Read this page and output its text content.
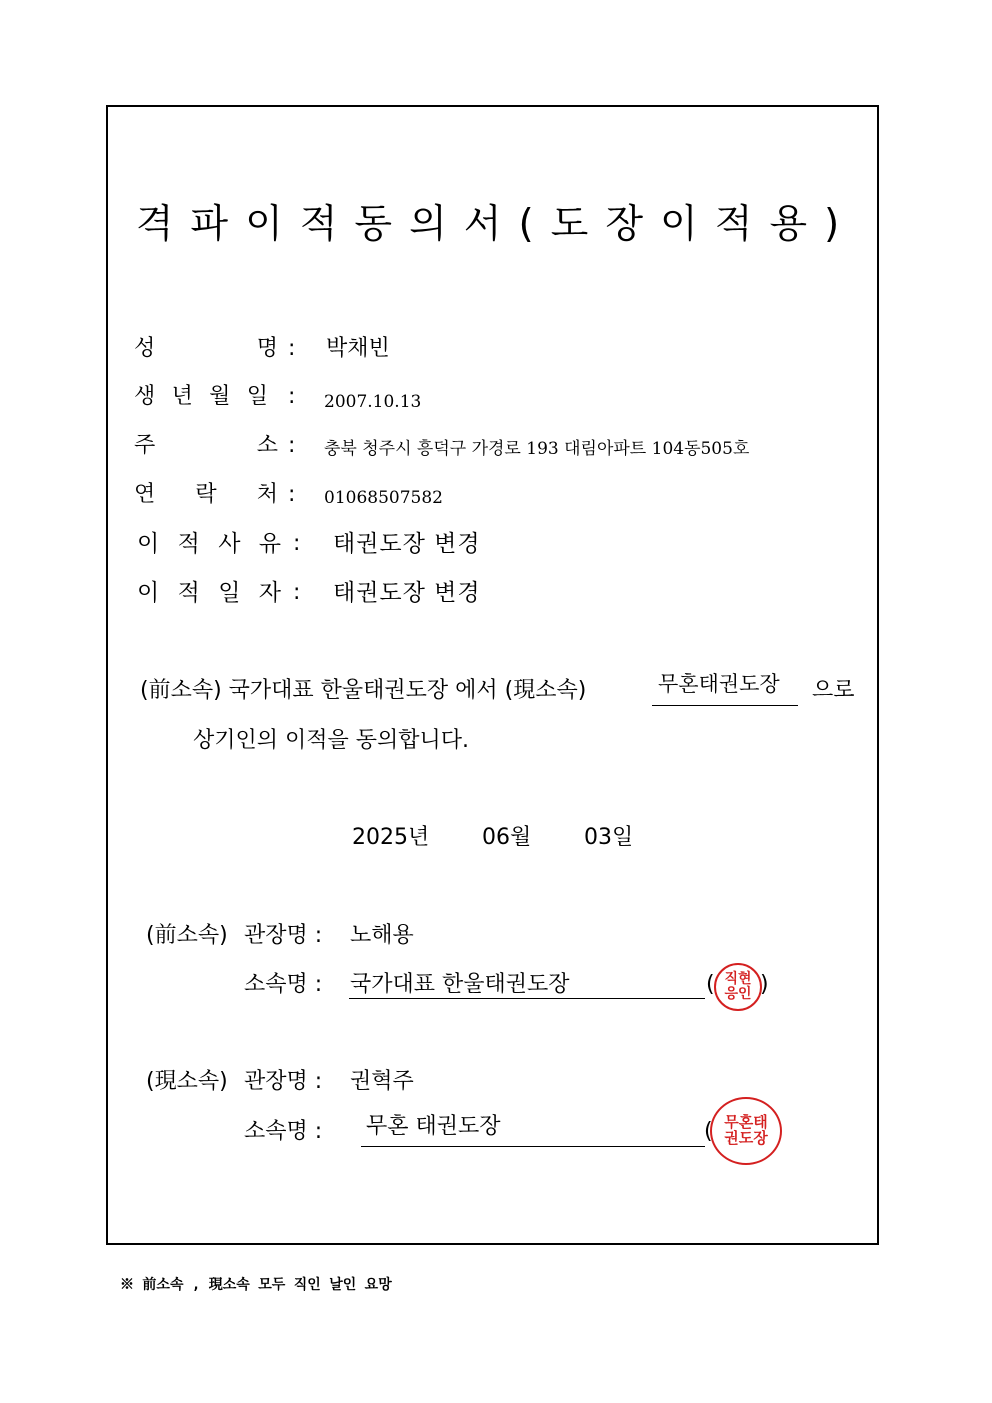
격파이적동의서(도장이적용)
성	명 : 박채빈
생 년 월 일 : 2007.10.13
주	소 : 충북 청주시 흥덕구 가경로 193 대림아파트 104동505호
연 락 처 : 01068507582
이 적 사 유 : 태권도장 변경
이 적 일 자 : 태권도장 변경
(前소속) 국가대표 한울태권도장 에서 (現소속)	무혼태권도장 으로
상기인의 이적을 동의합니다.
2025년 06월 03일
(前소속) 관장명 : 노해용
소속명 : 국가대표 한울태권도장	( )
직현
응인
(現소속) 관장명 : 권혁주
소속명 : 무혼 태권도장	( 무혼태
권도장
※ 前소속 , 現소속 모두 직인 날인 요망
